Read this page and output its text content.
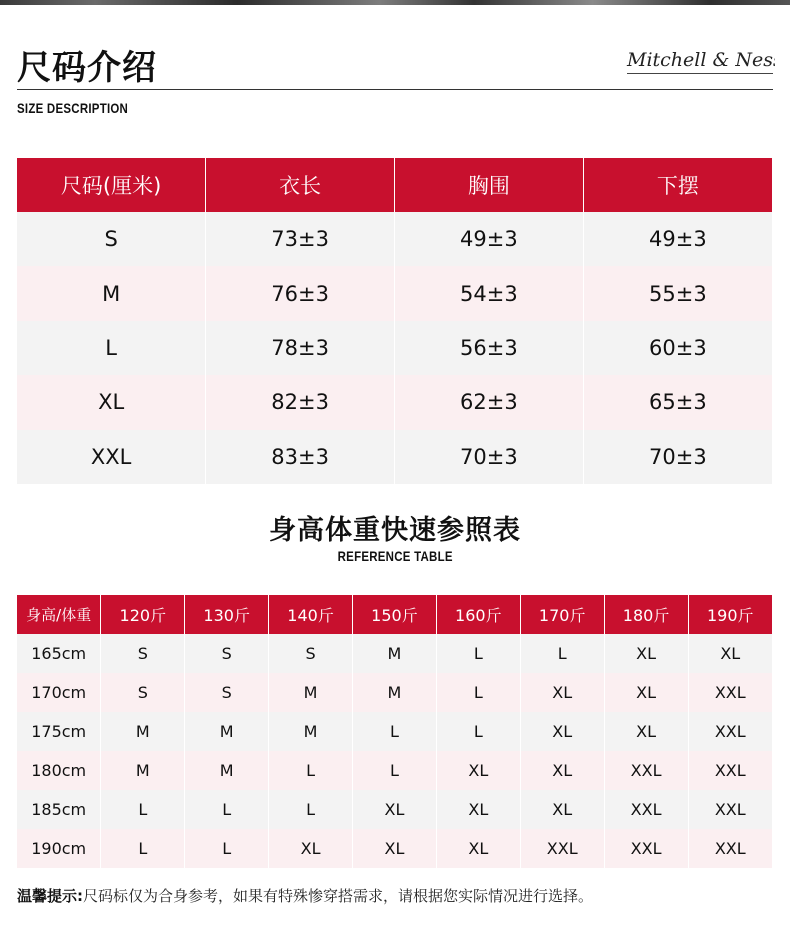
尺码介绍	Mitchell & Ness
SIZE DESCRIPTION
尺码(厘米)	衣长	胸围	下摆
S	73±3	49±3	49±3
M	76±3	54±3	55±3
L	78±3	56±3	60±3
XL	82±3	62±3	65±3
XXL	83±3	70±3	70±3
身高体重快速参照表
REFERENCE TABLE
身高/体重	120斤	130斤	140斤	150斤	160斤	170斤	180斤	190斤
165cm	S	S	S	M	L	L	XL	XL
170cm	S	S	M	M	L	XL	XL	XXL
175cm	M	M	M	L	L	XL	XL	XXL
180cm	M	M	L	L	XL	XL	XXL	XXL
185cm	L	L	L	XL	XL	XL	XXL	XXL
190cm	L	L	XL	XL	XL	XXL	XXL	XXL
温馨提示:尺码标仅为合身参考，如果有特殊惨穿搭需求，请根据您实际情况进行选择。
